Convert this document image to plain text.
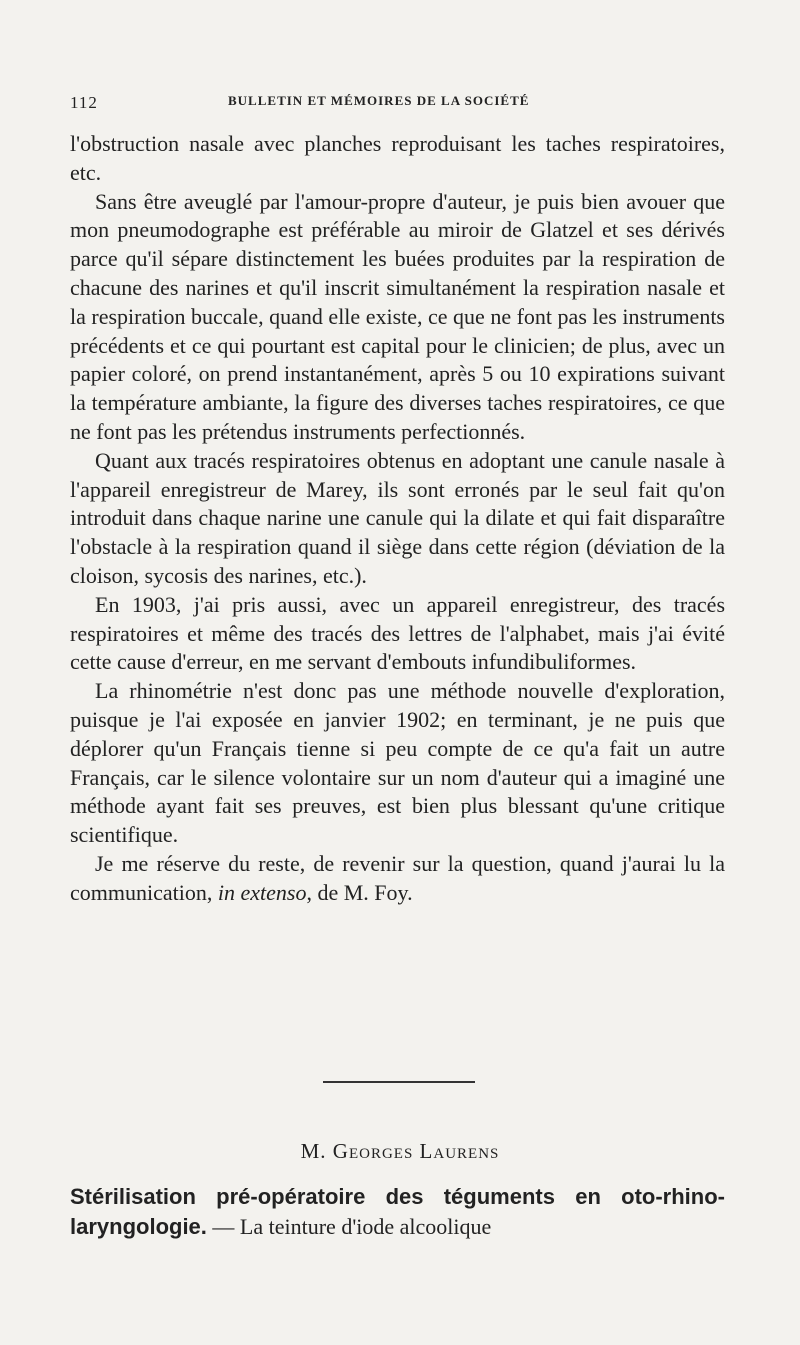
112	BULLETIN ET MÉMOIRES DE LA SOCIÉTÉ

l'obstruction nasale avec planches reproduisant les taches respiratoires, etc.

Sans être aveuglé par l'amour-propre d'auteur, je puis bien avouer que mon pneumodographe est préférable au miroir de Glatzel et ses dérivés parce qu'il sépare distinctement les buées produites par la respiration de chacune des narines et qu'il inscrit simultanément la respiration nasale et la respiration buccale, quand elle existe, ce que ne font pas les instruments précédents et ce qui pourtant est capital pour le clinicien; de plus, avec un papier coloré, on prend instantanément, après 5 ou 10 expirations suivant la température ambiante, la figure des diverses taches respiratoires, ce que ne font pas les prétendus instruments perfectionnés.

Quant aux tracés respiratoires obtenus en adoptant une canule nasale à l'appareil enregistreur de Marey, ils sont erronés par le seul fait qu'on introduit dans chaque narine une canule qui la dilate et qui fait disparaître l'obstacle à la respiration quand il siège dans cette région (déviation de la cloison, sycosis des narines, etc.).

En 1903, j'ai pris aussi, avec un appareil enregistreur, des tracés respiratoires et même des tracés des lettres de l'alphabet, mais j'ai évité cette cause d'erreur, en me servant d'embouts infundibuliformes.

La rhinométrie n'est donc pas une méthode nouvelle d'exploration, puisque je l'ai exposée en janvier 1902; en terminant, je ne puis que déplorer qu'un Français tienne si peu compte de ce qu'a fait un autre Français, car le silence volontaire sur un nom d'auteur qui a imaginé une méthode ayant fait ses preuves, est bien plus blessant qu'une critique scientifique.

Je me réserve du reste, de revenir sur la question, quand j'aurai lu la communication, in extenso, de M. Foy.

M. Georges Laurens
Stérilisation pré-opératoire des téguments en oto-rhino-laryngologie. — La teinture d'iode alcoolique
